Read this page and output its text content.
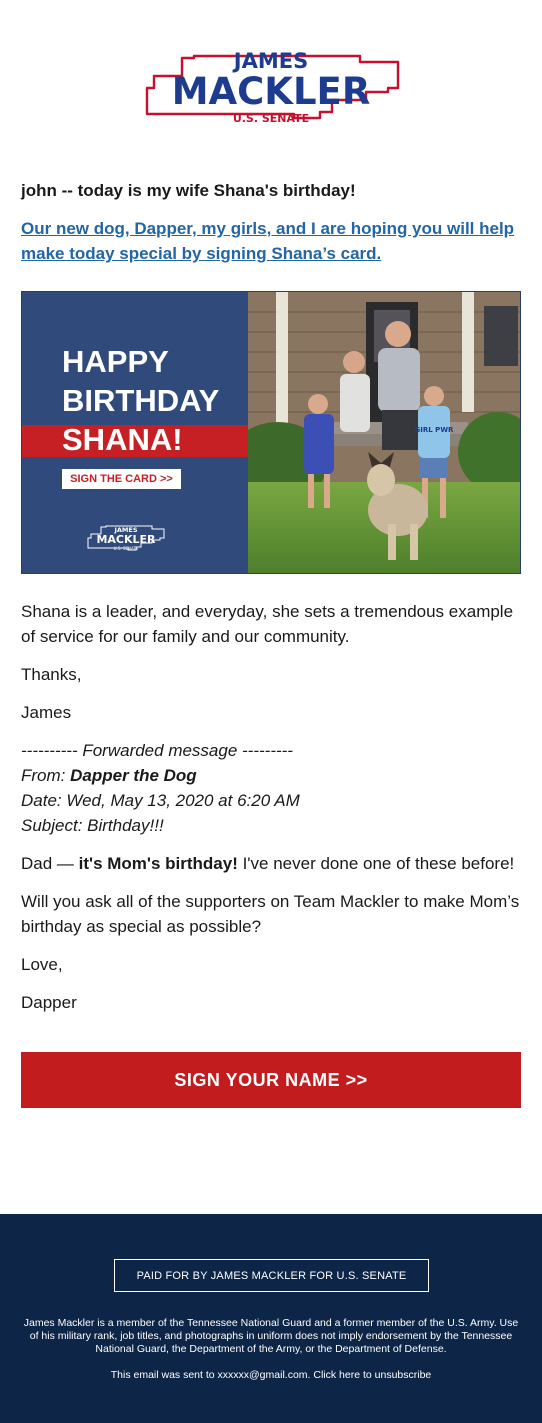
JAMES
MACKLER
U.S. SENATE
john -- today is my wife Shana's birthday!
Our new dog, Dapper, my girls, and I are hoping you will help make today special by signing Shana’s card.
HAPPY
BIRTHDAY
SHANA!
SIGN THE CARD >>
JAMES
MACKLER
U.S. SENATE
GIRL PWR
Shana is a leader, and everyday, she sets a tremendous example of service for our family and our community.
Thanks,
James
---------- Forwarded message ---------
From: Dapper the Dog
Date: Wed, May 13, 2020 at 6:20 AM
Subject: Birthday!!!
Dad — it's Mom's birthday! I've never done one of these before!
Will you ask all of the supporters on Team Mackler to make Mom’s birthday as special as possible?
Love,
Dapper
SIGN YOUR NAME >>
PAID FOR BY JAMES MACKLER FOR U.S. SENATE
James Mackler is a member of the Tennessee National Guard and a former member of the U.S. Army. Use of his military rank, job titles, and photographs in uniform does not imply endorsement by the Tennessee National Guard, the Department of the Army, or the Department of Defense.
This email was sent to xxxxxx@gmail.com. Click here to unsubscribe
